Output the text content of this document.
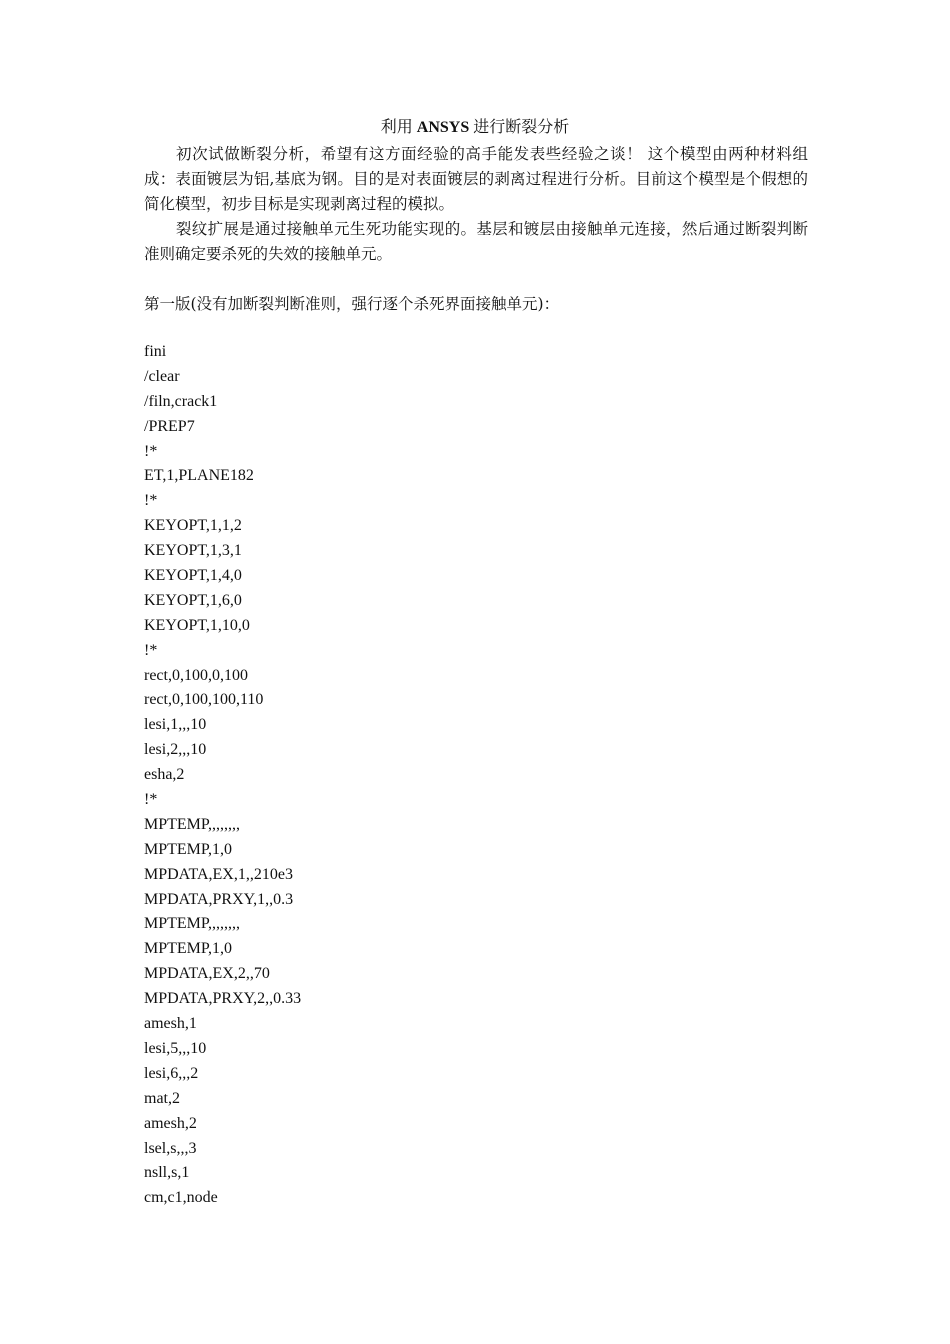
利用 ANSYS 进行断裂分析

初次试做断裂分析，希望有这方面经验的高手能发表些经验之谈！ 这个模型由两种材料组成：表面镀层为铝,基底为钢。目的是对表面镀层的剥离过程进行分析。目前这个模型是个假想的简化模型，初步目标是实现剥离过程的模拟。

裂纹扩展是通过接触单元生死功能实现的。基层和镀层由接触单元连接，然后通过断裂判断准则确定要杀死的失效的接触单元。

第一版(没有加断裂判断准则，强行逐个杀死界面接触单元)：

fini

/clear

/filn,crack1

/PREP7

!*

ET,1,PLANE182

!*

KEYOPT,1,1,2

KEYOPT,1,3,1

KEYOPT,1,4,0

KEYOPT,1,6,0

KEYOPT,1,10,0

!*

rect,0,100,0,100

rect,0,100,100,110

lesi,1,,,10

lesi,2,,,10

esha,2

!*

MPTEMP,,,,,,,,

MPTEMP,1,0

MPDATA,EX,1,,210e3

MPDATA,PRXY,1,,0.3

MPTEMP,,,,,,,,

MPTEMP,1,0

MPDATA,EX,2,,70

MPDATA,PRXY,2,,0.33

amesh,1

lesi,5,,,10

lesi,6,,,2

mat,2

amesh,2

lsel,s,,,3

nsll,s,1

cm,c1,node
